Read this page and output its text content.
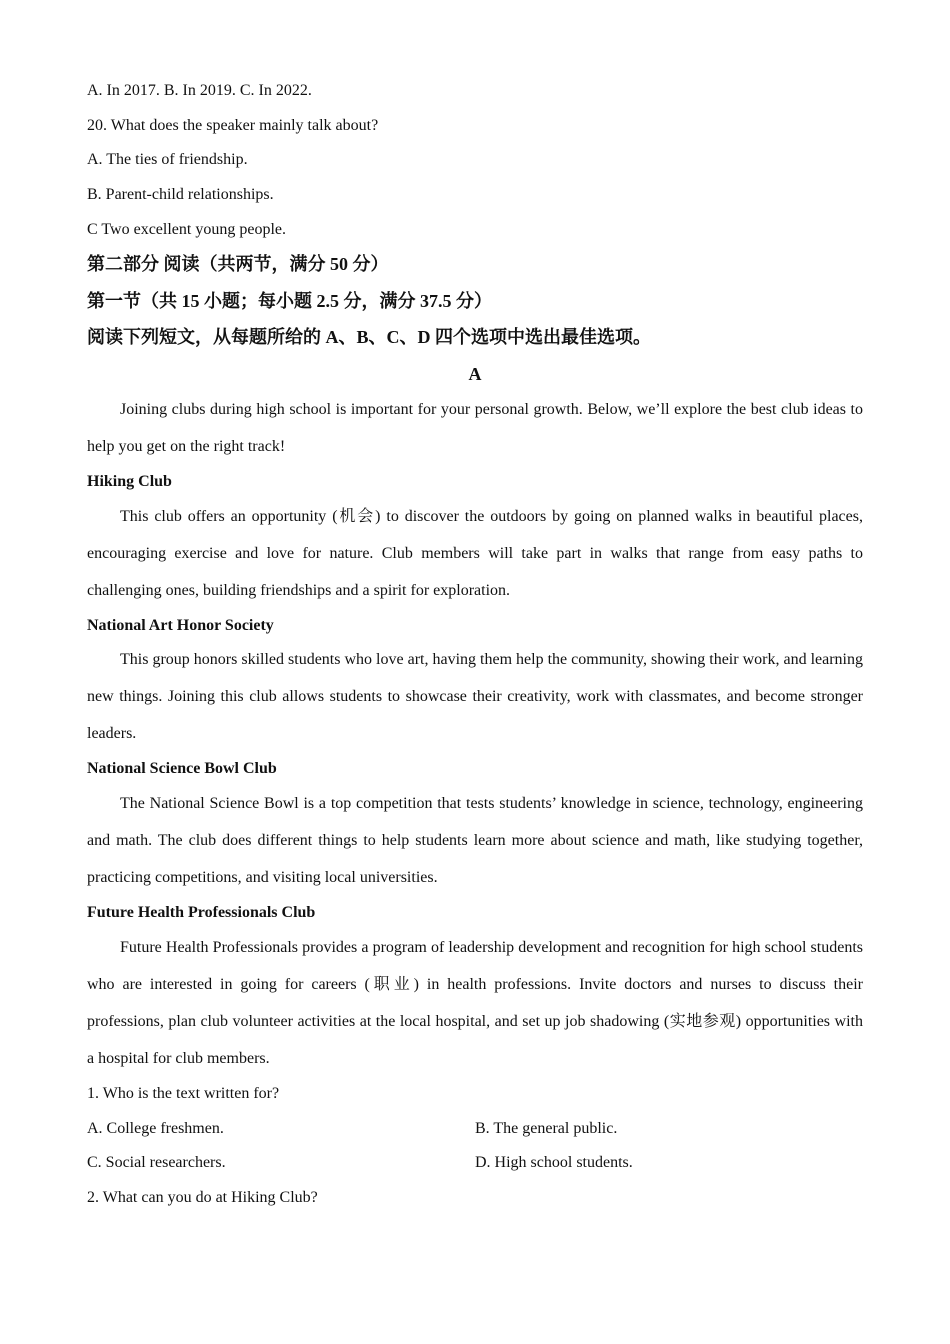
A. In 2017. B. In 2019. C. In 2022.
20. What does the speaker mainly talk about?
A. The ties of friendship.
B. Parent-child relationships.
C Two excellent young people.
第二部分 阅读（共两节，满分 50 分）
第一节（共 15 小题；每小题 2.5 分，满分 37.5 分）
阅读下列短文，从每题所给的 A、B、C、D 四个选项中选出最佳选项。
A
Joining clubs during high school is important for your personal growth. Below, we’ll explore the best club ideas to help you get on the right track!
Hiking Club
This club offers an opportunity (机会) to discover the outdoors by going on planned walks in beautiful places, encouraging exercise and love for nature. Club members will take part in walks that range from easy paths to challenging ones, building friendships and a spirit for exploration.
National Art Honor Society
This group honors skilled students who love art, having them help the community, showing their work, and learning new things. Joining this club allows students to showcase their creativity, work with classmates, and become stronger leaders.
National Science Bowl Club
The National Science Bowl is a top competition that tests students’ knowledge in science, technology, engineering and math. The club does different things to help students learn more about science and math, like studying together, practicing competitions, and visiting local universities.
Future Health Professionals Club
Future Health Professionals provides a program of leadership development and recognition for high school students who are interested in going for careers (职业) in health professions. Invite doctors and nurses to discuss their professions, plan club volunteer activities at the local hospital, and set up job shadowing (实地参观) opportunities with a hospital for club members.
1. Who is the text written for?
A. College freshmen.	B. The general public.
C. Social researchers.	D. High school students.
2. What can you do at Hiking Club?
